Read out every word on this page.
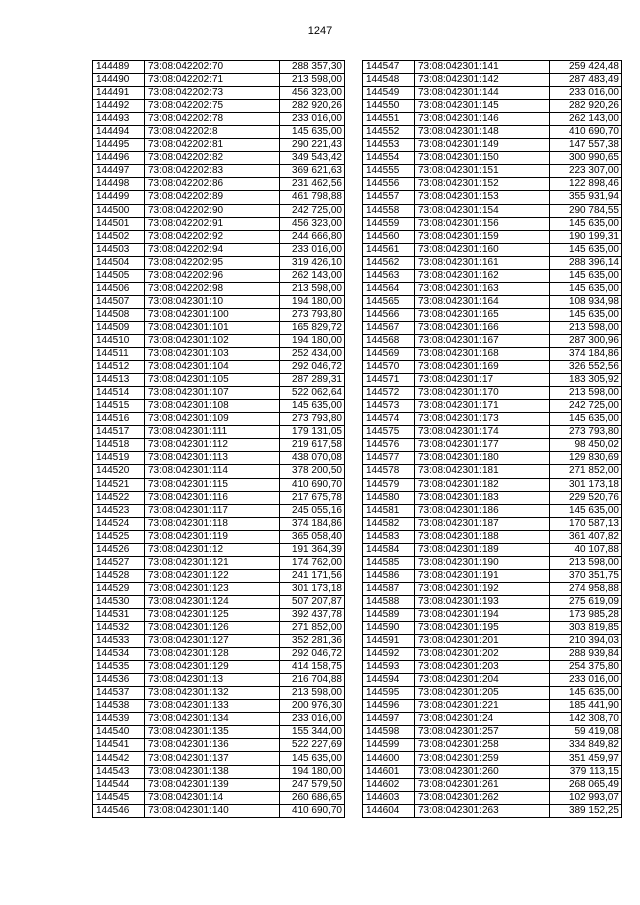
1247
144489	73:08:042202:70	288 357,30
144490	73:08:042202:71	213 598,00
144491	73:08:042202:73	456 323,00
144492	73:08:042202:75	282 920,26
144493	73:08:042202:78	233 016,00
144494	73:08:042202:8	145 635,00
144495	73:08:042202:81	290 221,43
144496	73:08:042202:82	349 543,42
144497	73:08:042202:83	369 621,63
144498	73:08:042202:86	231 462,56
144499	73:08:042202:89	461 798,88
144500	73:08:042202:90	242 725,00
144501	73:08:042202:91	456 323,00
144502	73:08:042202:92	244 666,80
144503	73:08:042202:94	233 016,00
144504	73:08:042202:95	319 426,10
144505	73:08:042202:96	262 143,00
144506	73:08:042202:98	213 598,00
144507	73:08:042301:10	194 180,00
144508	73:08:042301:100	273 793,80
144509	73:08:042301:101	165 829,72
144510	73:08:042301:102	194 180,00
144511	73:08:042301:103	252 434,00
144512	73:08:042301:104	292 046,72
144513	73:08:042301:105	287 289,31
144514	73:08:042301:107	522 062,64
144515	73:08:042301:108	145 635,00
144516	73:08:042301:109	273 793,80
144517	73:08:042301:111	179 131,05
144518	73:08:042301:112	219 617,58
144519	73:08:042301:113	438 070,08
144520	73:08:042301:114	378 200,50
144521	73:08:042301:115	410 690,70
144522	73:08:042301:116	217 675,78
144523	73:08:042301:117	245 055,16
144524	73:08:042301:118	374 184,86
144525	73:08:042301:119	365 058,40
144526	73:08:042301:12	191 364,39
144527	73:08:042301:121	174 762,00
144528	73:08:042301:122	241 171,56
144529	73:08:042301:123	301 173,18
144530	73:08:042301:124	507 207,87
144531	73:08:042301:125	392 437,78
144532	73:08:042301:126	271 852,00
144533	73:08:042301:127	352 281,36
144534	73:08:042301:128	292 046,72
144535	73:08:042301:129	414 158,75
144536	73:08:042301:13	216 704,88
144537	73:08:042301:132	213 598,00
144538	73:08:042301:133	200 976,30
144539	73:08:042301:134	233 016,00
144540	73:08:042301:135	155 344,00
144541	73:08:042301:136	522 227,69
144542	73:08:042301:137	145 635,00
144543	73:08:042301:138	194 180,00
144544	73:08:042301:139	247 579,50
144545	73:08:042301:14	260 686,65
144546	73:08:042301:140	410 690,70
144547	73:08:042301:141	259 424,48
144548	73:08:042301:142	287 483,49
144549	73:08:042301:144	233 016,00
144550	73:08:042301:145	282 920,26
144551	73:08:042301:146	262 143,00
144552	73:08:042301:148	410 690,70
144553	73:08:042301:149	147 557,38
144554	73:08:042301:150	300 990,65
144555	73:08:042301:151	223 307,00
144556	73:08:042301:152	122 898,46
144557	73:08:042301:153	355 931,94
144558	73:08:042301:154	290 784,55
144559	73:08:042301:156	145 635,00
144560	73:08:042301:159	190 199,31
144561	73:08:042301:160	145 635,00
144562	73:08:042301:161	288 396,14
144563	73:08:042301:162	145 635,00
144564	73:08:042301:163	145 635,00
144565	73:08:042301:164	108 934,98
144566	73:08:042301:165	145 635,00
144567	73:08:042301:166	213 598,00
144568	73:08:042301:167	287 300,96
144569	73:08:042301:168	374 184,86
144570	73:08:042301:169	326 552,56
144571	73:08:042301:17	183 305,92
144572	73:08:042301:170	213 598,00
144573	73:08:042301:171	242 725,00
144574	73:08:042301:173	145 635,00
144575	73:08:042301:174	273 793,80
144576	73:08:042301:177	98 450,02
144577	73:08:042301:180	129 830,69
144578	73:08:042301:181	271 852,00
144579	73:08:042301:182	301 173,18
144580	73:08:042301:183	229 520,76
144581	73:08:042301:186	145 635,00
144582	73:08:042301:187	170 587,13
144583	73:08:042301:188	361 407,82
144584	73:08:042301:189	40 107,88
144585	73:08:042301:190	213 598,00
144586	73:08:042301:191	370 351,75
144587	73:08:042301:192	274 958,88
144588	73:08:042301:193	275 619,09
144589	73:08:042301:194	173 985,28
144590	73:08:042301:195	303 819,85
144591	73:08:042301:201	210 394,03
144592	73:08:042301:202	288 939,84
144593	73:08:042301:203	254 375,80
144594	73:08:042301:204	233 016,00
144595	73:08:042301:205	145 635,00
144596	73:08:042301:221	185 441,90
144597	73:08:042301:24	142 308,70
144598	73:08:042301:257	59 419,08
144599	73:08:042301:258	334 849,82
144600	73:08:042301:259	351 459,97
144601	73:08:042301:260	379 113,15
144602	73:08:042301:261	268 065,49
144603	73:08:042301:262	102 993,07
144604	73:08:042301:263	389 152,25
